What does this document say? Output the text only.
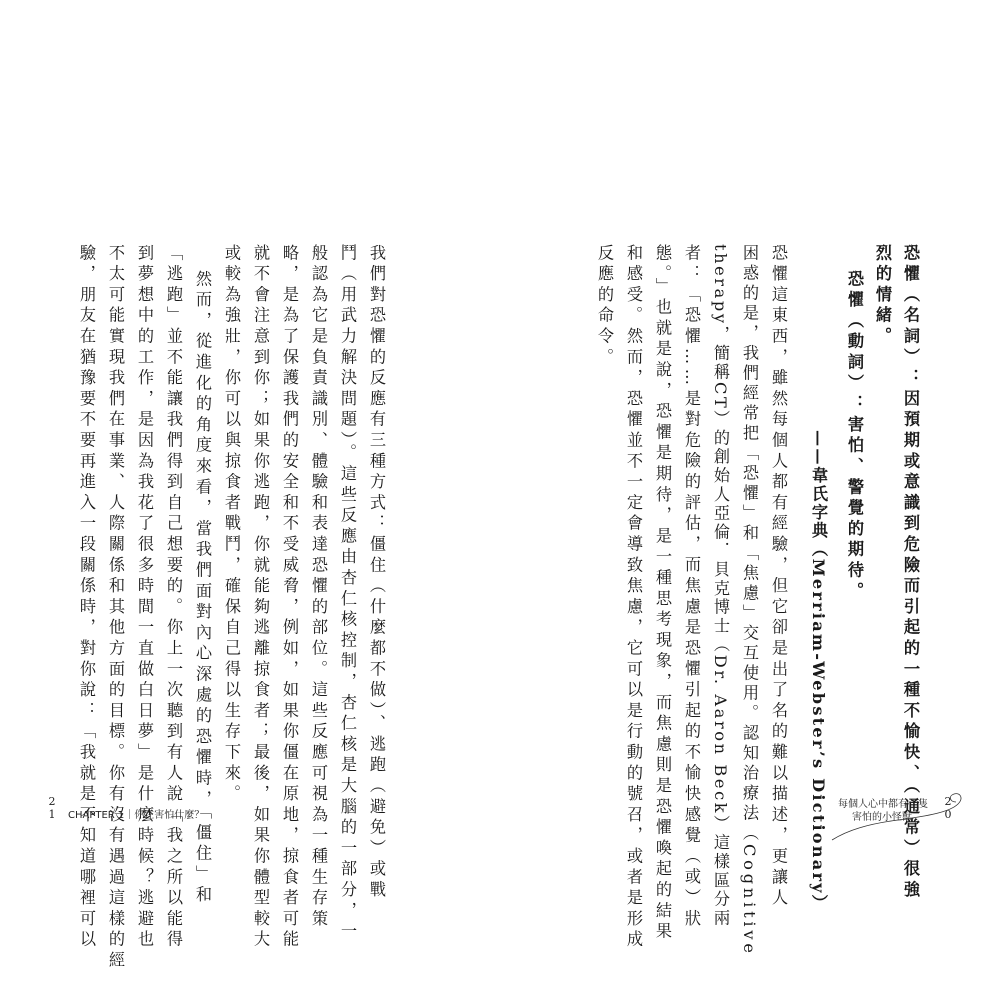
恐懼（名詞）：因預期或意識到危險而引起的一種不愉快、（通常）很強
烈的情緒。
恐懼（動詞）：害怕、警覺的期待。
——韋氏字典（Merriam-Webster’s Dictionary）
恐懼這東西，雖然每個人都有經驗，但它卻是出了名的難以描述，更讓人
困惑的是，我們經常把「恐懼」和「焦慮」交互使用。認知治療法（Cognitive
therapy，簡稱CT）的創始人亞倫．貝克博士（Dr. Aaron Beck）這樣區分兩
者：「恐懼……是對危險的評估，而焦慮是恐懼引起的不愉快感覺（或）狀
態。」也就是說，恐懼是期待，是一種思考現象，而焦慮則是恐懼喚起的結果
和感受。然而，恐懼並不一定會導致焦慮，它可以是行動的號召，或者是形成
反應的命令。
我們對恐懼的反應有三種方式：僵住（什麼都不做）、逃跑（避免）或戰
鬥（用武力解決問題）。這些反應由杏仁核控制，杏仁核是大腦的一部分，一
般認為它是負責識別、體驗和表達恐懼的部位。這些反應可視為一種生存策
略，是為了保護我們的安全和不受威脅，例如，如果你僵在原地，掠食者可能
就不會注意到你；如果你逃跑，你就能夠逃離掠食者；最後，如果你體型較大
或較為強壯，你可以與掠食者戰鬥，確保自己得以生存下來。
然而，從進化的角度來看，當我們面對內心深處的恐懼時，「僵住」和
「逃跑」並不能讓我們得到自己想要的。你上一次聽到有人說「我之所以能得
到夢想中的工作，是因為我花了很多時間一直做白日夢」是什麼時候？逃避也
不太可能實現我們在事業、人際關係和其他方面的目標。你有沒有遇過這樣的經
驗，朋友在猶豫要不要再進入一段關係時，對你說：「我就是不知道哪裡可以
2
1 CHAPTER 1｜你在害怕什麼？
每個人心中都有一隻
害怕的小怪獸
2
0
